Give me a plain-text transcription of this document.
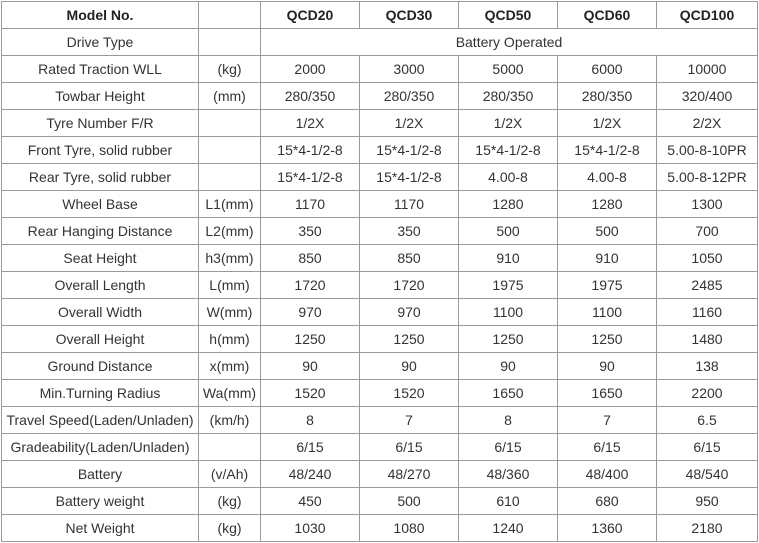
Model No.		QCD20	QCD30	QCD50	QCD60	QCD100
Drive Type		Battery Operated				
Rated Traction WLL	(kg)	2000	3000	5000	6000	10000
Towbar Height	(mm)	280/350	280/350	280/350	280/350	320/400
Tyre Number F/R		1/2X	1/2X	1/2X	1/2X	2/2X
Front Tyre, solid rubber		15*4-1/2-8	15*4-1/2-8	15*4-1/2-8	15*4-1/2-8	5.00-8-10PR
Rear Tyre, solid rubber		15*4-1/2-8	15*4-1/2-8	4.00-8	4.00-8	5.00-8-12PR
Wheel Base	L1(mm)	1170	1170	1280	1280	1300
Rear Hanging Distance	L2(mm)	350	350	500	500	700
Seat Height	h3(mm)	850	850	910	910	1050
Overall Length	L(mm)	1720	1720	1975	1975	2485
Overall Width	W(mm)	970	970	1100	1100	1160
Overall Height	h(mm)	1250	1250	1250	1250	1480
Ground Distance	x(mm)	90	90	90	90	138
Min.Turning Radius	Wa(mm)	1520	1520	1650	1650	2200
Travel Speed(Laden/Unladen)	(km/h)	8	7	8	7	6.5
Gradeability(Laden/Unladen)		6/15	6/15	6/15	6/15	6/15
Battery	(v/Ah)	48/240	48/270	48/360	48/400	48/540
Battery weight	(kg)	450	500	610	680	950
Net Weight	(kg)	1030	1080	1240	1360	2180
